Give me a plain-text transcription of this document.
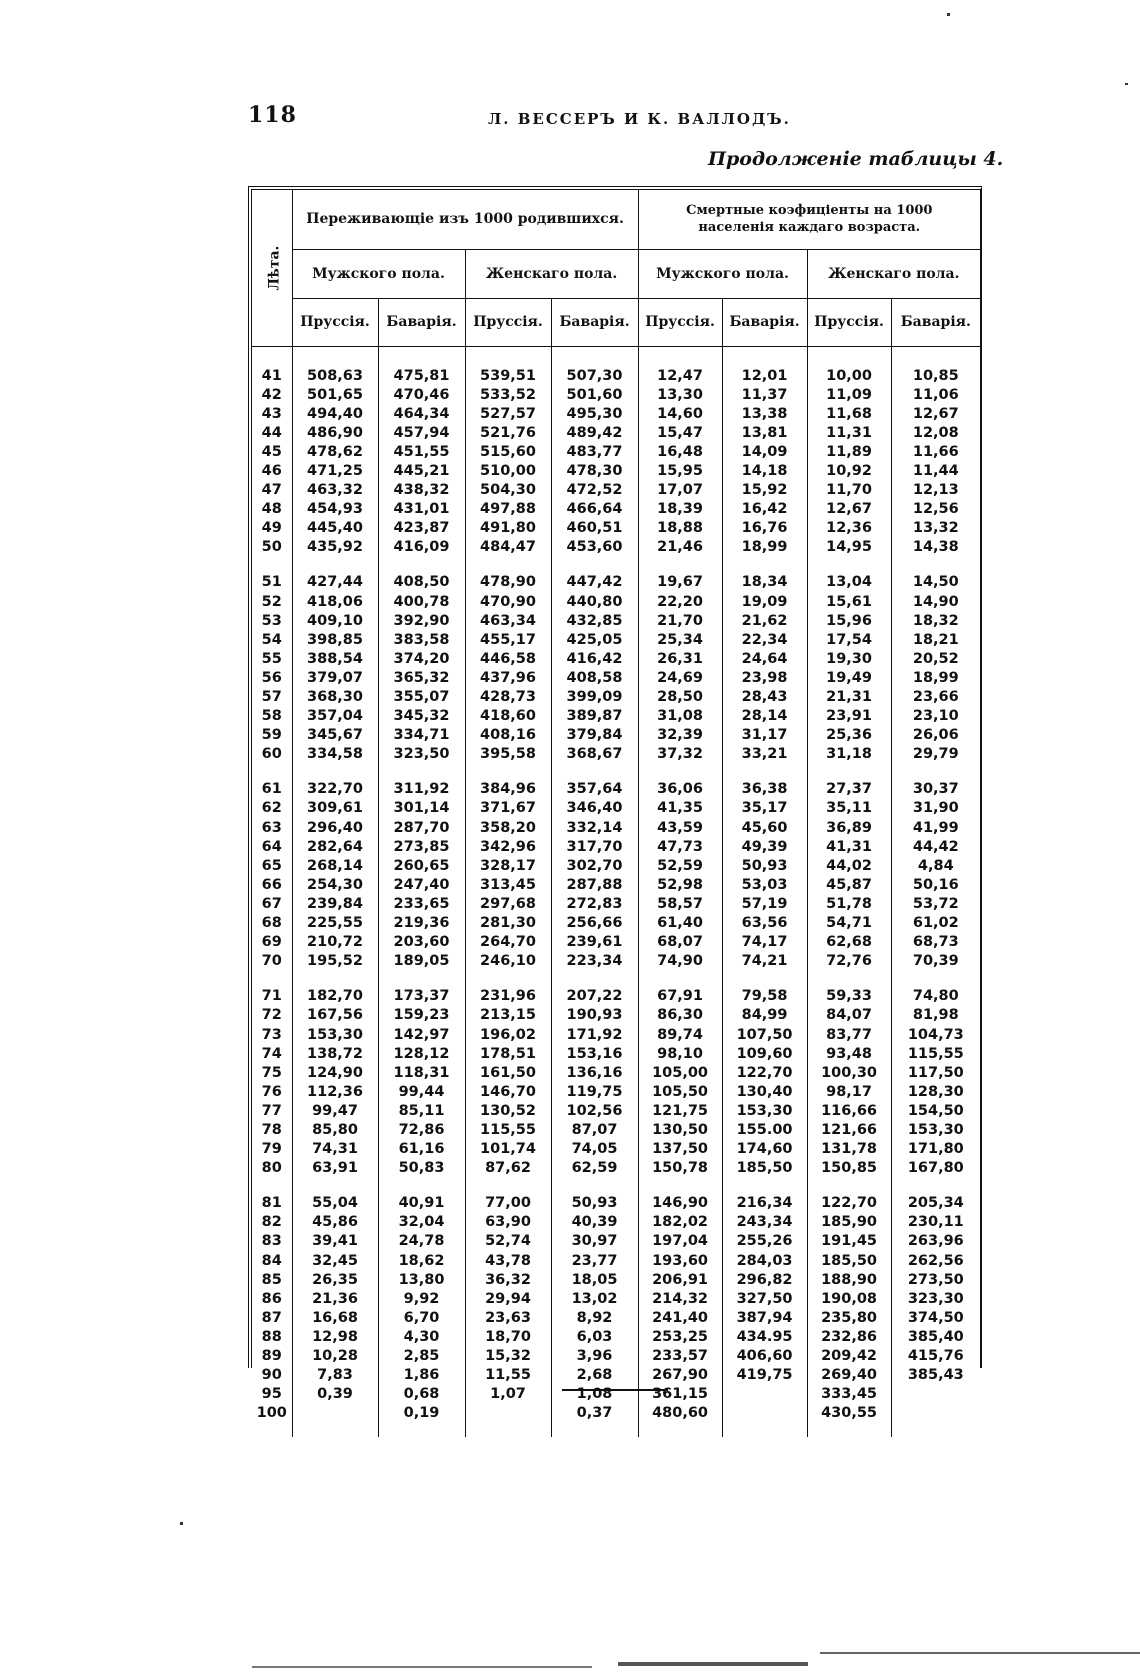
118	Л. ВЕССЕРЪ И К. ВАЛЛОДЪ.
Продолженіе таблицы 4.
Лѣта.	Переживающіе изъ 1000 родившихся.				Смертные коэфиціенты на 1000 населенія каждаго возраста.			
	Мужского пола.		Женскаго пола.		Мужского пола.		Женскаго пола.	
	Пруссія.	Баварія.	Пруссія.	Баварія.	Пруссія.	Баварія.	Пруссія.	Баварія.

41	508,63	475,81	539,51	507,30	12,47	12,01	10,00	10,85
42	501,65	470,46	533,52	501,60	13,30	11,37	11,09	11,06
43	494,40	464,34	527,57	495,30	14,60	13,38	11,68	12,67
44	486,90	457,94	521,76	489,42	15,47	13,81	11,31	12,08
45	478,62	451,55	515,60	483,77	16,48	14,09	11,89	11,66
46	471,25	445,21	510,00	478,30	15,95	14,18	10,92	11,44
47	463,32	438,32	504,30	472,52	17,07	15,92	11,70	12,13
48	454,93	431,01	497,88	466,64	18,39	16,42	12,67	12,56
49	445,40	423,87	491,80	460,51	18,88	16,76	12,36	13,32
50	435,92	416,09	484,47	453,60	21,46	18,99	14,95	14,38

51	427,44	408,50	478,90	447,42	19,67	18,34	13,04	14,50
52	418,06	400,78	470,90	440,80	22,20	19,09	15,61	14,90
53	409,10	392,90	463,34	432,85	21,70	21,62	15,96	18,32
54	398,85	383,58	455,17	425,05	25,34	22,34	17,54	18,21
55	388,54	374,20	446,58	416,42	26,31	24,64	19,30	20,52
56	379,07	365,32	437,96	408,58	24,69	23,98	19,49	18,99
57	368,30	355,07	428,73	399,09	28,50	28,43	21,31	23,66
58	357,04	345,32	418,60	389,87	31,08	28,14	23,91	23,10
59	345,67	334,71	408,16	379,84	32,39	31,17	25,36	26,06
60	334,58	323,50	395,58	368,67	37,32	33,21	31,18	29,79

61	322,70	311,92	384,96	357,64	36,06	36,38	27,37	30,37
62	309,61	301,14	371,67	346,40	41,35	35,17	35,11	31,90
63	296,40	287,70	358,20	332,14	43,59	45,60	36,89	41,99
64	282,64	273,85	342,96	317,70	47,73	49,39	41,31	44,42
65	268,14	260,65	328,17	302,70	52,59	50,93	44,02	4,84
66	254,30	247,40	313,45	287,88	52,98	53,03	45,87	50,16
67	239,84	233,65	297,68	272,83	58,57	57,19	51,78	53,72
68	225,55	219,36	281,30	256,66	61,40	63,56	54,71	61,02
69	210,72	203,60	264,70	239,61	68,07	74,17	62,68	68,73
70	195,52	189,05	246,10	223,34	74,90	74,21	72,76	70,39

71	182,70	173,37	231,96	207,22	67,91	79,58	59,33	74,80
72	167,56	159,23	213,15	190,93	86,30	84,99	84,07	81,98
73	153,30	142,97	196,02	171,92	89,74	107,50	83,77	104,73
74	138,72	128,12	178,51	153,16	98,10	109,60	93,48	115,55
75	124,90	118,31	161,50	136,16	105,00	122,70	100,30	117,50
76	112,36	99,44	146,70	119,75	105,50	130,40	98,17	128,30
77	99,47	85,11	130,52	102,56	121,75	153,30	116,66	154,50
78	85,80	72,86	115,55	87,07	130,50	155.00	121,66	153,30
79	74,31	61,16	101,74	74,05	137,50	174,60	131,78	171,80
80	63,91	50,83	87,62	62,59	150,78	185,50	150,85	167,80

81	55,04	40,91	77,00	50,93	146,90	216,34	122,70	205,34
82	45,86	32,04	63,90	40,39	182,02	243,34	185,90	230,11
83	39,41	24,78	52,74	30,97	197,04	255,26	191,45	263,96
84	32,45	18,62	43,78	23,77	193,60	284,03	185,50	262,56
85	26,35	13,80	36,32	18,05	206,91	296,82	188,90	273,50
86	21,36	9,92	29,94	13,02	214,32	327,50	190,08	323,30
87	16,68	6,70	23,63	8,92	241,40	387,94	235,80	374,50
88	12,98	4,30	18,70	6,03	253,25	434.95	232,86	385,40
89	10,28	2,85	15,32	3,96	233,57	406,60	209,42	415,76
90	7,83	1,86	11,55	2,68	267,90	419,75	269,40	385,43
95	0,39	0,68	1,07	1,08	361,15		333,45	
100		0,19		0,37	480,60		430,55	
